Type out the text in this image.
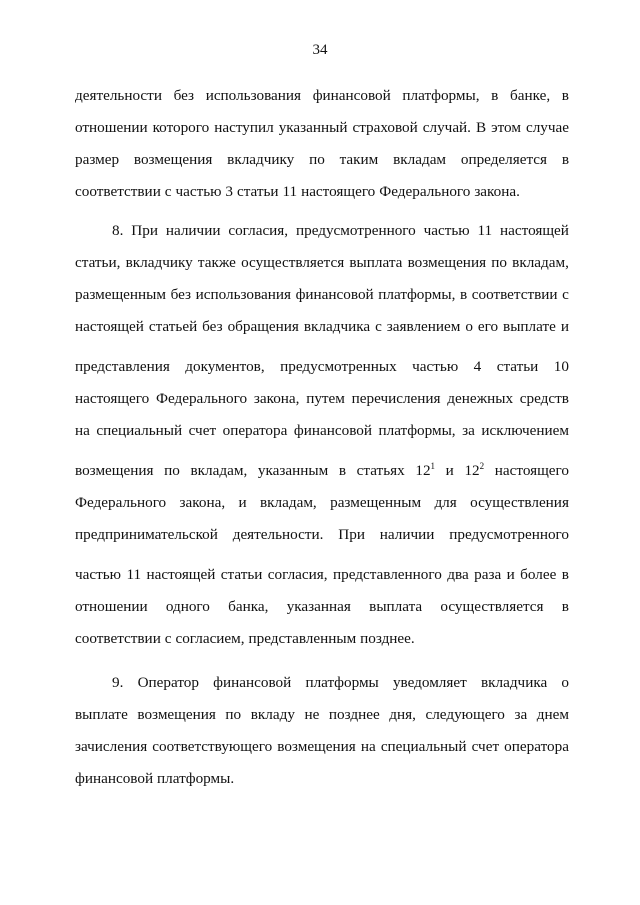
34
деятельности без использования финансовой платформы, в банке, в
отношении которого наступил указанный страховой случай. В этом случае
размер возмещения вкладчику по таким вкладам определяется в
соответствии с частью 3 статьи 11 настоящего Федерального закона.
8. При наличии согласия, предусмотренного частью 11 настоящей
статьи, вкладчику также осуществляется выплата возмещения по вкладам,
размещенным без использования финансовой платформы, в соответствии с
настоящей статьей без обращения вкладчика с заявлением о его выплате и
представления документов, предусмотренных частью 4 статьи 10
настоящего Федерального закона, путем перечисления денежных средств
на специальный счет оператора финансовой платформы, за исключением
возмещения по вкладам, указанным в статьях $12^1$ и $12^2$ настоящего
Федерального закона, и вкладам, размещенным для осуществления
предпринимательской деятельности. При наличии предусмотренного
частью 11 настоящей статьи согласия, представленного два раза и более в
отношении одного банка, указанная выплата осуществляется в
соответствии с согласием, представленным позднее.
9. Оператор финансовой платформы уведомляет вкладчика о
выплате возмещения по вкладу не позднее дня, следующего за днем
зачисления соответствующего возмещения на специальный счет оператора
финансовой платформы.
